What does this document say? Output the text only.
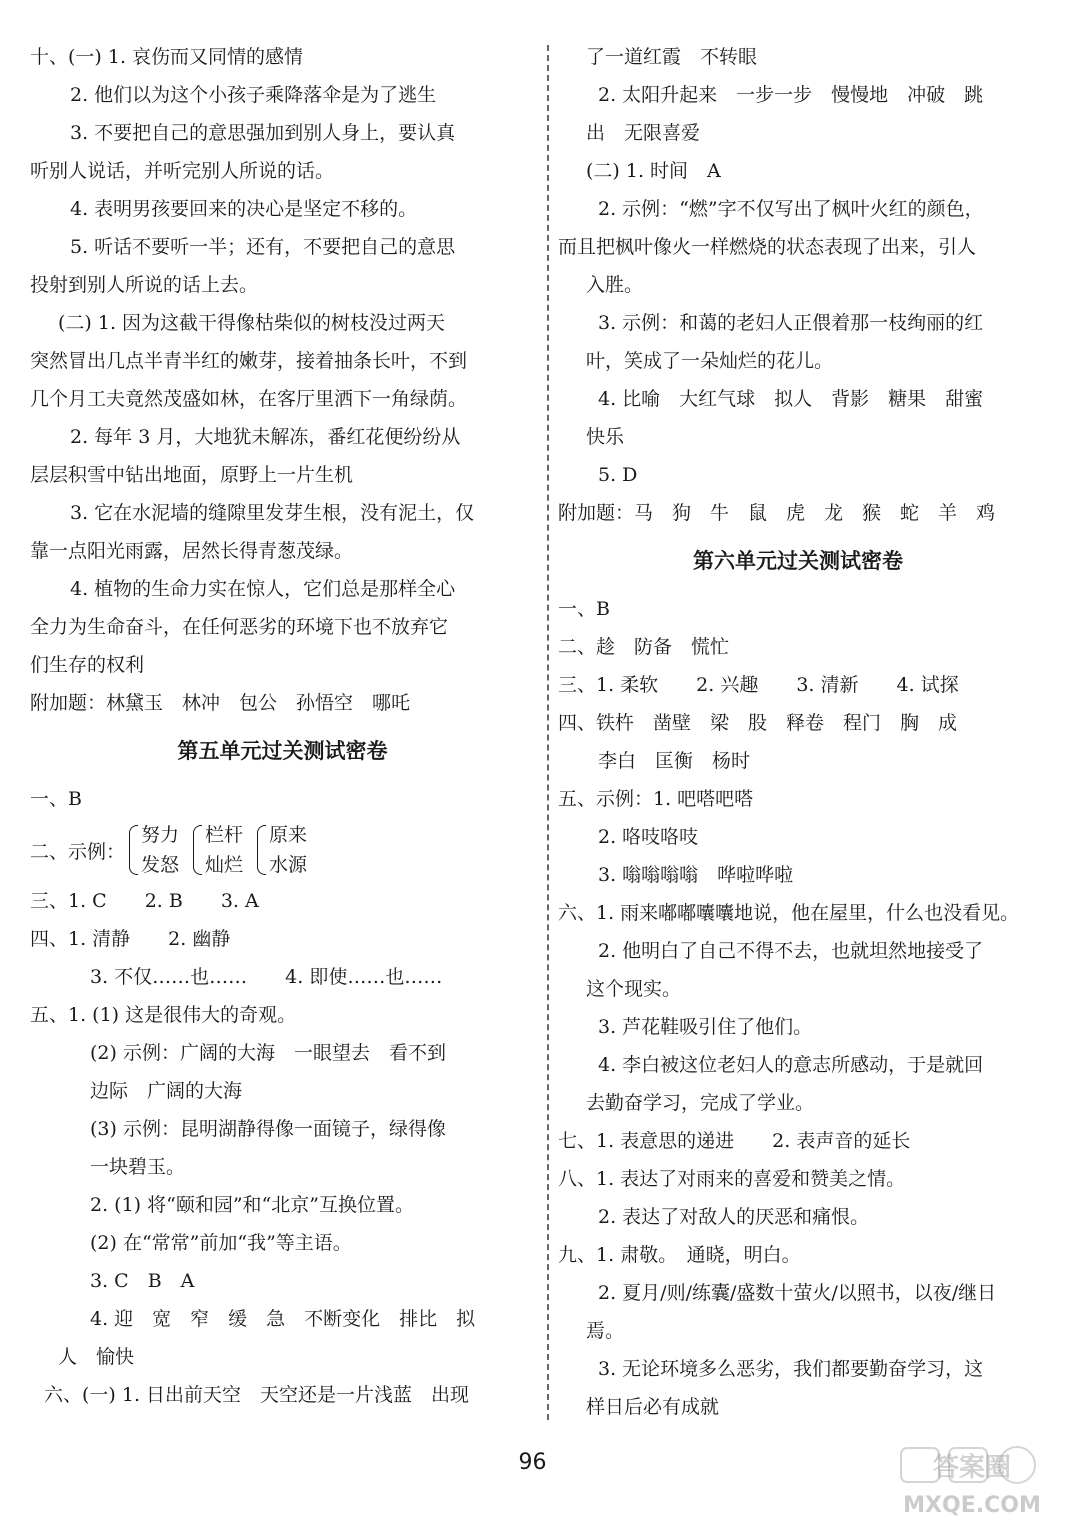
十、(一) 1. 哀伤而又同情的感情
2. 他们以为这个小孩子乘降落伞是为了逃生
3. 不要把自己的意思强加到别人身上，要认真
听别人说话，并听完别人所说的话。
4. 表明男孩要回来的决心是坚定不移的。
5. 听话不要听一半；还有，不要把自己的意思
投射到别人所说的话上去。
(二) 1. 因为这截干得像枯柴似的树枝没过两天
突然冒出几点半青半红的嫩芽，接着抽条长叶，不到
几个月工夫竟然茂盛如林，在客厅里洒下一角绿荫。
2. 每年 3 月，大地犹未解冻，番红花便纷纷从
层层积雪中钻出地面，原野上一片生机
3. 它在水泥墙的缝隙里发芽生根，没有泥土，仅
靠一点阳光雨露，居然长得青葱茂绿。
4. 植物的生命力实在惊人，它们总是那样全心
全力为生命奋斗，在任何恶劣的环境下也不放弃它
们生存的权利
附加题：林黛玉　林冲　包公　孙悟空　哪吒
第五单元过关测试密卷
一、B
二、示例：
努力
发怒
栏杆
灿烂
原来
水源
三、1. C　　2. B　　3. A
四、1. 清静　　2. 幽静
3. 不仅……也……　　4. 即使……也……
五、1. (1) 这是很伟大的奇观。
(2) 示例：广阔的大海　一眼望去　看不到
边际　广阔的大海
(3) 示例：昆明湖静得像一面镜子，绿得像
一块碧玉。
2. (1) 将“颐和园”和“北京”互换位置。
(2) 在“常常”前加“我”等主语。
3. C　B　A
4. 迎　宽　窄　缓　急　不断变化　排比　拟
人　愉快
六、(一) 1. 日出前天空　天空还是一片浅蓝　出现
了一道红霞　不转眼
2. 太阳升起来　一步一步　慢慢地　冲破　跳
出　无限喜爱
(二) 1. 时间　A
2. 示例：“燃”字不仅写出了枫叶火红的颜色，
而且把枫叶像火一样燃烧的状态表现了出来，引人
入胜。
3. 示例：和蔼的老妇人正偎着那一枝绚丽的红
叶，笑成了一朵灿烂的花儿。
4. 比喻　大红气球　拟人　背影　糖果　甜蜜
快乐
5. D
附加题：马　狗　牛　鼠　虎　龙　猴　蛇　羊　鸡
第六单元过关测试密卷
一、B
二、趁　防备　慌忙
三、1. 柔软　　2. 兴趣　　3. 清新　　4. 试探
四、铁杵　凿壁　梁　股　释卷　程门　胸　成
李白　匡衡　杨时
五、示例：1. 吧嗒吧嗒
2. 咯吱咯吱
3. 嗡嗡嗡嗡　哗啦哗啦
六、1. 雨来嘟嘟囔囔地说，他在屋里，什么也没看见。
2. 他明白了自己不得不去，也就坦然地接受了
这个现实。
3. 芦花鞋吸引住了他们。
4. 李白被这位老妇人的意志所感动，于是就回
去勤奋学习，完成了学业。
七、1. 表意思的递进　　2. 表声音的延长
八、1. 表达了对雨来的喜爱和赞美之情。
2. 表达了对敌人的厌恶和痛恨。
九、1. 肃敬。　通晓，明白。
2. 夏月/则/练囊/盛数十萤火/以照书，以夜/继日
焉。
3. 无论环境多么恶劣，我们都要勤奋学习，这
样日后必有成就
96	答案圈
MXQE.COM
